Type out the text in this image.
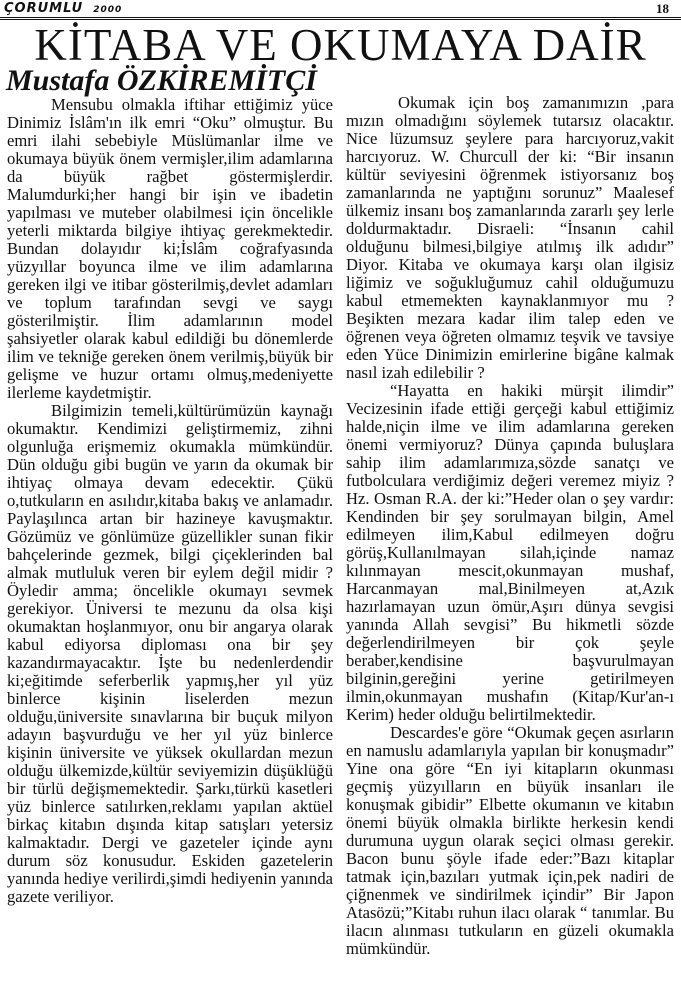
ÇORUMLU 2000	18
KİTABA VE OKUMAYA DAİR
Mustafa ÖZKİREMİTÇİ

Mensubu olmakla iftihar ettiğimiz yüce Dinimiz İslâm'ın ilk emri “Oku” olmuştur. Bu emri ilahi sebebiyle Müslümanlar ilme ve okumaya büyük önem vermişler,ilim adamlarına da büyük rağbet göstermişlerdir. Malumdurki;her hangi bir işin ve ibadetin yapılması ve muteber olabilmesi için öncelikle yeterli miktarda bilgiye ihtiyaç gerekmektedir. Bundan dolayıdır ki;İslâm coğrafyasında yüzyıllar boyunca ilme ve ilim adamlarına gereken ilgi ve itibar gösterilmiş,devlet adamları ve toplum tarafından sevgi ve saygı gösterilmiştir. İlim adamlarının model şahsiyetler olarak kabul edildiği bu dönemlerde ilim ve tekniğe gereken önem verilmiş,büyük bir gelişme ve huzur ortamı olmuş,medeniyette ilerleme kaydetmiştir.

Bilgimizin temeli,kültürümüzün kaynağı okumaktır. Kendimizi geliştirmemiz, zihni olgunluğa erişmemiz okumakla mümkündür. Dün olduğu gibi bugün ve yarın da okumak bir ihtiyaç olmaya devam edecektir. Çükü o,tutkuların en asılıdır,kitaba bakış ve anlamadır. Paylaşılınca artan bir hazineye kavuşmaktır. Gözümüz ve gönlümüze güzellikler sunan fikir bahçelerinde gezmek, bilgi çiçeklerinden bal almak mutluluk veren bir eylem değil midir ? Öyledir amma; öncelikle okumayı sevmek gerekiyor. Üniversi te mezunu da olsa kişi okumaktan hoşlanmıyor, onu bir angarya olarak kabul ediyorsa diploması ona bir şey kazandırmayacaktır. İşte bu nedenlerdendir ki;eğitimde seferberlik yapmış,her yıl yüz binlerce kişinin liselerden mezun olduğu,üniversite sınavlarına bir buçuk milyon adayın başvurduğu ve her yıl yüz binlerce kişinin üniversite ve yüksek okullardan mezun olduğu ülkemizde,kültür seviyemizin düşüklüğü bir türlü değişmemektedir. Şarkı,türkü kasetleri yüz binlerce satılırken,reklamı yapılan aktüel birkaç kitabın dışında kitap satışları yetersiz kalmaktadır. Dergi ve gazeteler içinde aynı durum söz konusudur. Eskiden gazetelerin yanında hediye verilirdi,şimdi hediyenin yanında gazete veriliyor.

Okumak için boş zamanımızın ,para mızın olmadığını söylemek tutarsız olacaktır. Nice lüzumsuz şeylere para harcıyoruz,vakit harcıyoruz. W. Churcull der ki: “Bir insanın kültür seviyesini öğrenmek istiyorsanız boş zamanlarında ne yaptığını sorunuz” Maalesef ülkemiz insanı boş zamanlarında zararlı şey lerle doldurmaktadır. Disraeli: “İnsanın cahil olduğunu bilmesi,bilgiye atılmış ilk adıdır” Diyor. Kitaba ve okumaya karşı olan ilgisiz liğimiz ve soğukluğumuz cahil olduğumuzu kabul etmemekten kaynaklanmıyor mu ? Beşikten mezara kadar ilim talep eden ve öğrenen veya öğreten olmamız teşvik ve tavsiye eden Yüce Dinimizin emirlerine bigâne kalmak nasıl izah edilebilir ?

“Hayatta en hakiki mürşit ilimdir” Vecizesinin ifade ettiği gerçeği kabul ettiğimiz halde,niçin ilme ve ilim adamlarına gereken önemi vermiyoruz? Dünya çapında buluşlara sahip ilim adamlarımıza,sözde sanatçı ve futbolculara verdiğimiz değeri veremez miyiz ? Hz. Osman R.A. der ki:”Heder olan o şey vardır: Kendinden bir şey sorulmayan bilgin, Amel edilmeyen ilim,Kabul edilmeyen doğru görüş,Kullanılmayan silah,içinde namaz kılınmayan mescit,okunmayan mushaf, Harcanmayan mal,Binilmeyen at,Azık hazırlamayan uzun ömür,Aşırı dünya sevgisi yanında Allah sevgisi” Bu hikmetli sözde değerlendirilmeyen bir çok şeyle beraber,kendisine başvurulmayan bilginin,gereğini yerine getirilmeyen ilmin,okunmayan mushafın (Kitap/Kur'an-ı Kerim) heder olduğu belirtilmektedir.

Descardes'e göre “Okumak geçen asırların en namuslu adamlarıyla yapılan bir konuşmadır” Yine ona göre “En iyi kitapların okunması geçmiş yüzyılların en büyük insanları ile konuşmak gibidir” Elbette okumanın ve kitabın önemi büyük olmakla birlikte herkesin kendi durumuna uygun olarak seçici olması gerekir. Bacon bunu şöyle ifade eder:”Bazı kitaplar tatmak için,bazıları yutmak için,pek nadiri de çiğnenmek ve sindirilmek içindir” Bir Japon Atasözü;”Kitabı ruhun ilacı olarak “ tanımlar. Bu ilacın alınması tutkuların en güzeli okumakla mümkündür.
